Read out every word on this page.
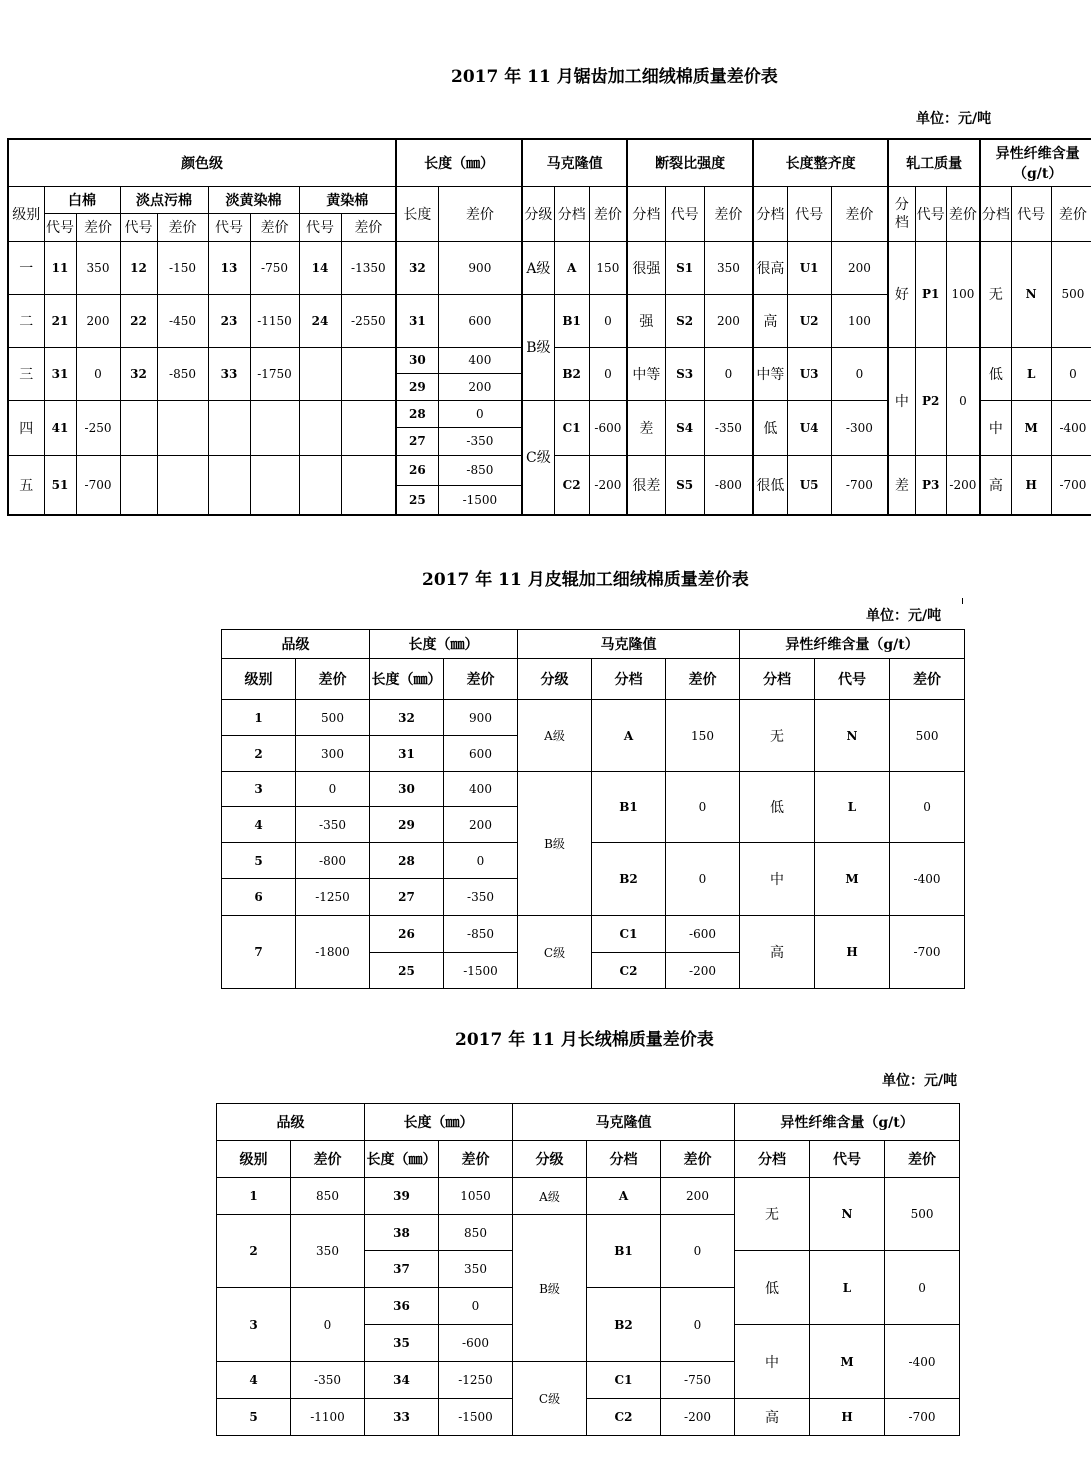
2017 年 11 月锯齿加工细绒棉质量差价表
单位：元/吨
颜色级									长度（㎜）		马克隆值			断裂比强度			长度整齐度			轧工质量			异性纤维含量
（g/t）		

级别	白棉		淡点污棉		淡黄染棉		黄染棉		长度	差价	分级	分档	差价	分档	代号	差价	分档	代号	差价	分档	代号	差价	分档	代号	差价
	代号	差价	代号	差价	代号	差价	代号	差价																	
一	11	350	12	-150	13	-750	14	-1350	32	900	A级	A	150	很强	S1	350	很高	U1	200	好	P1	100	无	N	500

二	21	200	22	-450	23	-1150	24	-2550	31	600	B级	B1	0	强	S2	200	高	U2	100						

三	31	0	32	-850	33	-1750			30	400		B2	0	中等	S3	0	中等	U3	0	中	P2	0	低	L	0
									29	200															
四	41	-250							28	0	C级	C1	-600	差	S4	-350	低	U4	-300				中	M	-400
									27	-350															
五	51	-700							26	-850		C2	-200	很差	S5	-800	很低	U5	-700	差	P3	-200	高	H	-700
									25	-1500															
2017 年 11 月皮辊加工细绒棉质量差价表
单位：元/吨
品级		长度（㎜）		马克隆值			异性纤维含量（g/t）		
级别	差价	长度（㎜）	差价	分级	分档	差价	分档	代号	差价
1	500	32	900	A级	A	150	无	N	500
2	300	31	600						
3	0	30	400	B级	B1	0	低	L	0
4	-350	29	200						
5	-800	28	0		B2	0	中	M	-400
6	-1250	27	-350						
7	-1800	26	-850	C级	C1	-600	高	H	-700
		25	-1500		C2	-200			
2017 年 11 月长绒棉质量差价表
单位：元/吨
品级		长度（㎜）		马克隆值			异性纤维含量（g/t）		
级别	差价	长度（㎜）	差价	分级	分档	差价	分档	代号	差价
1	850	39	1050	A级	A	200	无	N	500
2	350	38	850	B级	B1	0			
		37	350				低	L	0
3	0	36	0		B2	0			
		35	-600				中	M	-400
4	-350	34	-1250	C级	C1	-750			
5	-1100	33	-1500		C2	-200	高	H	-700
